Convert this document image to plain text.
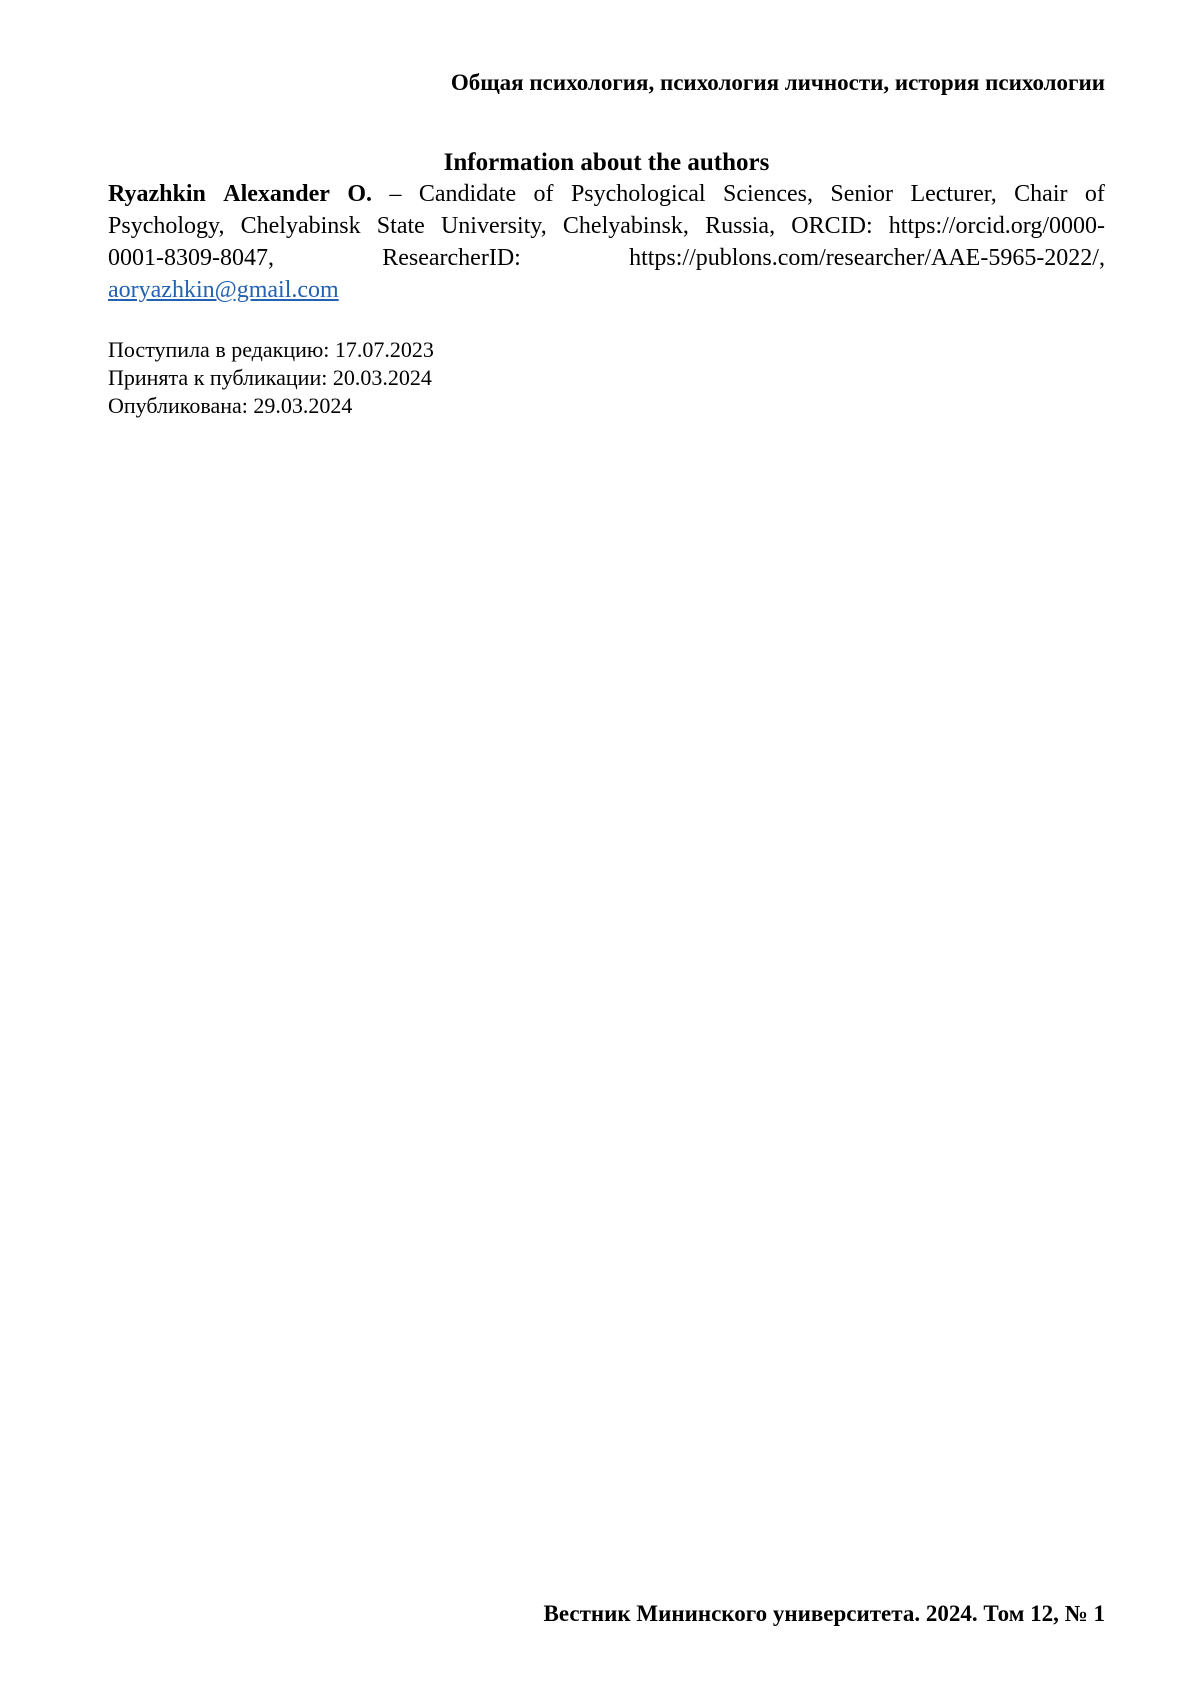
Общая психология, психология личности, история психологии
Information about the authors
Ryazhkin Alexander O. – Candidate of Psychological Sciences, Senior Lecturer, Chair of
Psychology, Chelyabinsk State University, Chelyabinsk, Russia, ORCID: https://orcid.org/0000-
0001-8309-8047,	ResearcherID:	https://publons.com/researcher/AAE-5965-2022/,
aoryazhkin@gmail.com
Поступила в редакцию: 17.07.2023
Принята к публикации: 20.03.2024
Опубликована: 29.03.2024
Вестник Мининского университета. 2024. Том 12, № 1
